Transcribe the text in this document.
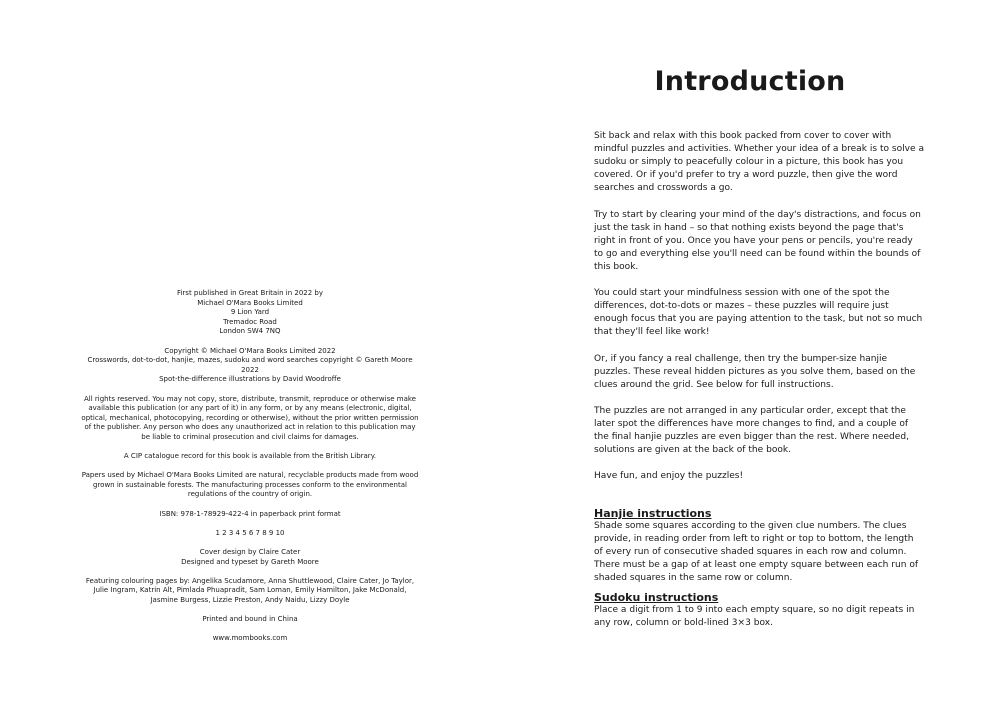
First published in Great Britain in 2022 by
Michael O'Mara Books Limited
9 Lion Yard
Tremadoc Road
London SW4 7NQ

Copyright © Michael O'Mara Books Limited 2022
Crosswords, dot-to-dot, hanjie, mazes, sudoku and word searches copyright © Gareth Moore 2022
Spot-the-difference illustrations by David Woodroffe

All rights reserved. You may not copy, store, distribute, transmit, reproduce or otherwise make available this publication (or any part of it) in any form, or by any means (electronic, digital, optical, mechanical, photocopying, recording or otherwise), without the prior written permission of the publisher. Any person who does any unauthorized act in relation to this publication may be liable to criminal prosecution and civil claims for damages.

A CIP catalogue record for this book is available from the British Library.

Papers used by Michael O'Mara Books Limited are natural, recyclable products made from wood grown in sustainable forests. The manufacturing processes conform to the environmental regulations of the country of origin.

ISBN: 978-1-78929-422-4 in paperback print format

1 2 3 4 5 6 7 8 9 10

Cover design by Claire Cater
Designed and typeset by Gareth Moore

Featuring colouring pages by: Angelika Scudamore, Anna Shuttlewood, Claire Cater, Jo Taylor, Julie Ingram, Katrin Alt, Pimlada Phuapradit, Sam Loman, Emily Hamilton, Jake McDonald, Jasmine Burgess, Lizzie Preston, Andy Naidu, Lizzy Doyle

Printed and bound in China

www.mombooks.com

Introduction

Sit back and relax with this book packed from cover to cover with mindful puzzles and activities. Whether your idea of a break is to solve a sudoku or simply to peacefully colour in a picture, this book has you covered. Or if you'd prefer to try a word puzzle, then give the word searches and crosswords a go.

Try to start by clearing your mind of the day's distractions, and focus on just the task in hand – so that nothing exists beyond the page that's right in front of you. Once you have your pens or pencils, you're ready to go and everything else you'll need can be found within the bounds of this book.

You could start your mindfulness session with one of the spot the differences, dot-to-dots or mazes – these puzzles will require just enough focus that you are paying attention to the task, but not so much that they'll feel like work!

Or, if you fancy a real challenge, then try the bumper-size hanjie puzzles. These reveal hidden pictures as you solve them, based on the clues around the grid. See below for full instructions.

The puzzles are not arranged in any particular order, except that the later spot the differences have more changes to find, and a couple of the final hanjie puzzles are even bigger than the rest. Where needed, solutions are given at the back of the book.

Have fun, and enjoy the puzzles!

Hanjie instructions

Shade some squares according to the given clue numbers. The clues provide, in reading order from left to right or top to bottom, the length of every run of consecutive shaded squares in each row and column. There must be a gap of at least one empty square between each run of shaded squares in the same row or column.

Sudoku instructions

Place a digit from 1 to 9 into each empty square, so no digit repeats in any row, column or bold-lined 3×3 box.
